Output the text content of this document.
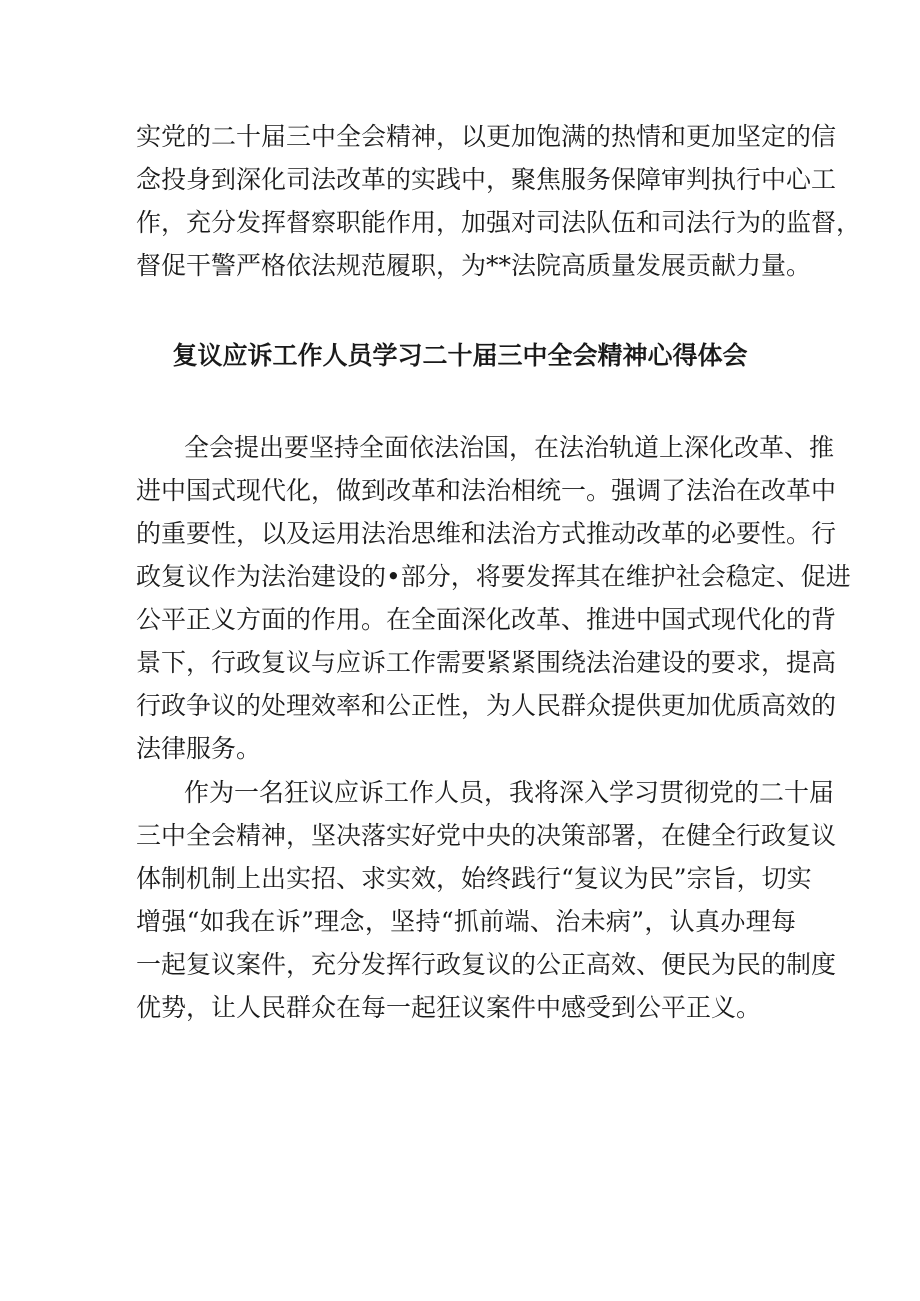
实党的二十届三中全会精神，以更加饱满的热情和更加坚定的信
念投身到深化司法改革的实践中，聚焦服务保障审判执行中心工
作，充分发挥督察职能作用，加强对司法队伍和司法行为的监督，
督促干警严格依法规范履职，为**法院高质量发展贡献力量。
复议应诉工作人员学习二十届三中全会精神心得体会
全会提出要坚持全面依法治国，在法治轨道上深化改革、推
进中国式现代化，做到改革和法治相统一。强调了法治在改革中
的重要性，以及运用法治思维和法治方式推动改革的必要性。行
政复议作为法治建设的•部分，将要发挥其在维护社会稳定、促进
公平正义方面的作用。在全面深化改革、推进中国式现代化的背
景下，行政复议与应诉工作需要紧紧围绕法治建设的要求，提高
行政争议的处理效率和公正性，为人民群众提供更加优质高效的
法律服务。
作为一名狂议应诉工作人员，我将深入学习贯彻党的二十届
三中全会精神，坚决落实好党中央的决策部署，在健全行政复议
体制机制上出实招、求实效，始终践行“复议为民”宗旨，切实
增强“如我在诉”理念，坚持“抓前端、治未病”，认真办理每
一起复议案件，充分发挥行政复议的公正高效、便民为民的制度
优势，让人民群众在每一起狂议案件中感受到公平正义。
